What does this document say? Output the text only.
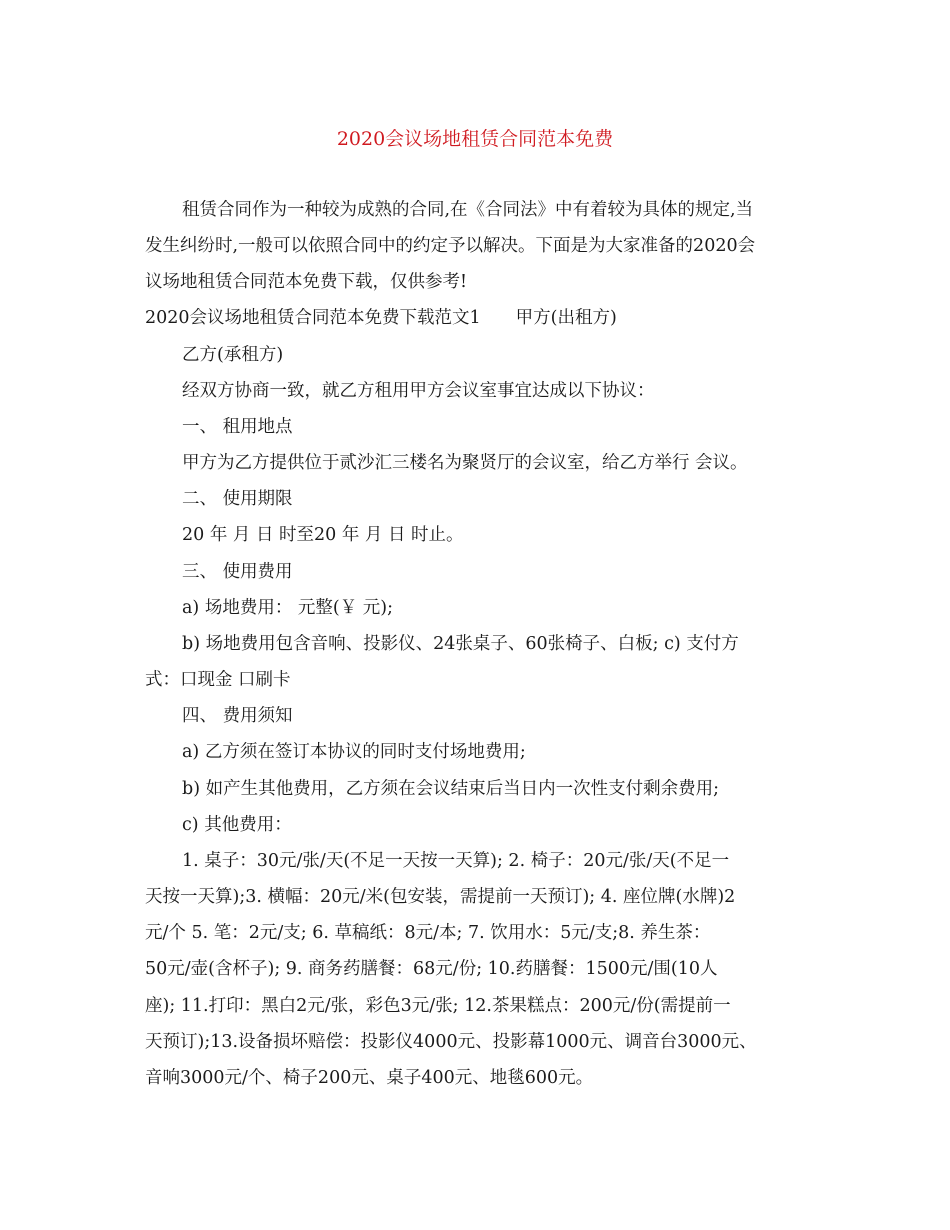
2020会议场地租赁合同范本免费
租赁合同作为一种较为成熟的合同,在《合同法》中有着较为具体的规定,当
发生纠纷时,一般可以依照合同中的约定予以解决。下面是为大家准备的2020会
议场地租赁合同范本免费下载，仅供参考!
2020会议场地租赁合同范本免费下载范文1　　甲方(出租方)
乙方(承租方)
经双方协商一致，就乙方租用甲方会议室事宜达成以下协议：
一、 租用地点
甲方为乙方提供位于贰沙汇三楼名为聚贤厅的会议室，给乙方举行 会议。
二、 使用期限
20 年 月 日 时至20 年 月 日 时止。
三、 使用费用
a) 场地费用： 元整(￥ 元);
b) 场地费用包含音响、投影仪、24张桌子、60张椅子、白板; c) 支付方
式：口现金 口刷卡
四、 费用须知
a) 乙方须在签订本协议的同时支付场地费用;
b) 如产生其他费用，乙方须在会议结束后当日内一次性支付剩余费用;
c) 其他费用：
1. 桌子：30元/张/天(不足一天按一天算); 2. 椅子：20元/张/天(不足一
天按一天算);3. 横幅：20元/米(包安装，需提前一天预订); 4. 座位牌(水牌)2
元/个 5. 笔：2元/支; 6. 草稿纸：8元/本; 7. 饮用水：5元/支;8. 养生茶：
50元/壶(含杯子); 9. 商务药膳餐：68元/份; 10.药膳餐：1500元/围(10人
座); 11.打印：黑白2元/张，彩色3元/张; 12.茶果糕点：200元/份(需提前一
天预订);13.设备损坏赔偿：投影仪4000元、投影幕1000元、调音台3000元、
音响3000元/个、椅子200元、桌子400元、地毯600元。
